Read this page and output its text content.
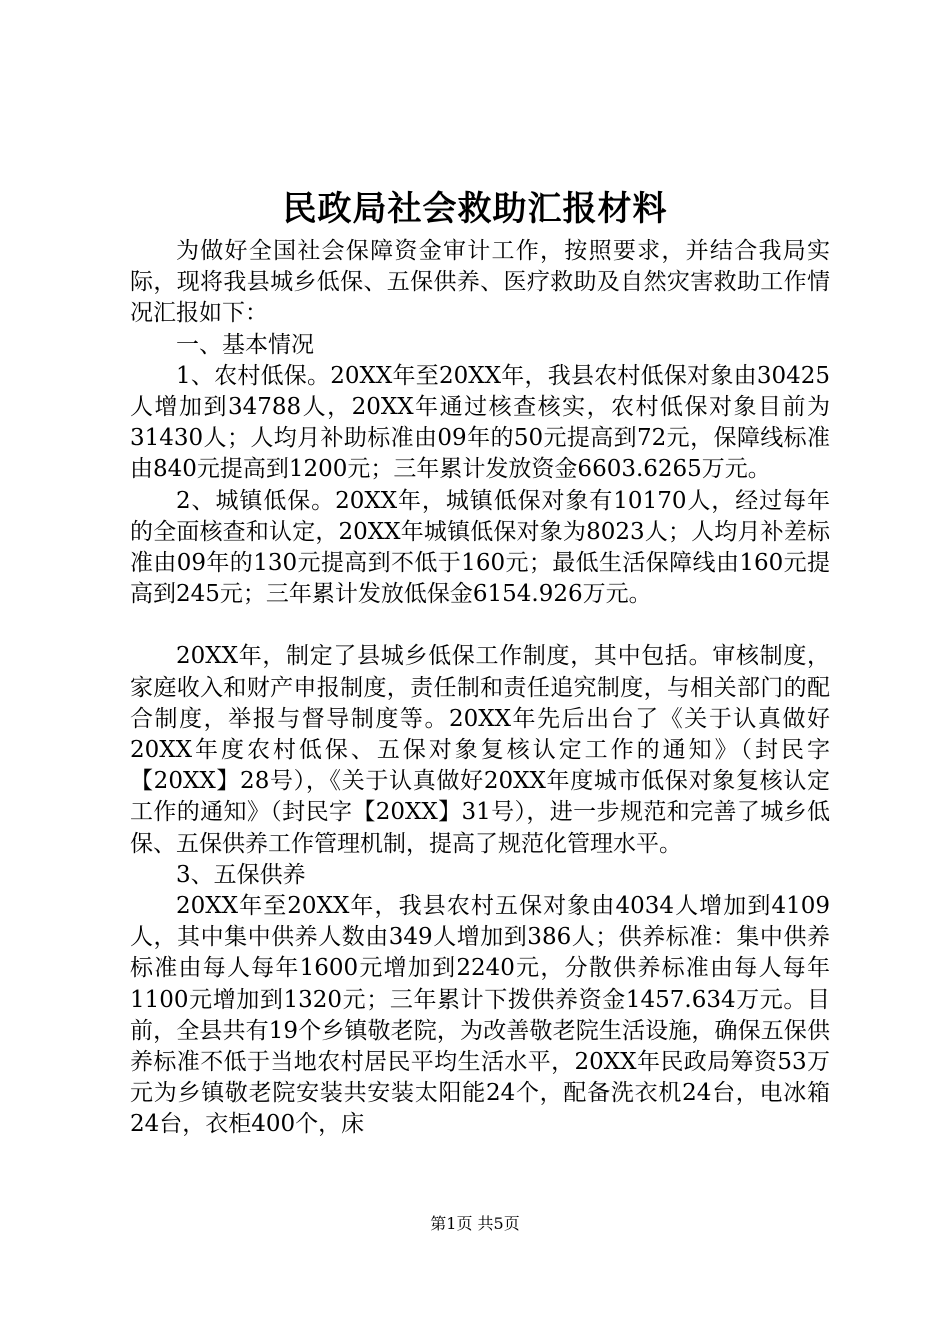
民政局社会救助汇报材料

为做好全国社会保障资金审计工作，按照要求，并结合我局实际，现将我县城乡低保、五保供养、医疗救助及自然灾害救助工作情况汇报如下：

一、基本情况

1、农村低保。20XX年至20XX年，我县农村低保对象由30425人增加到34788人，20XX年通过核查核实，农村低保对象目前为31430人；人均月补助标准由09年的50元提高到72元，保障线标准由840元提高到1200元；三年累计发放资金6603.6265万元。

2、城镇低保。20XX年，城镇低保对象有10170人，经过每年的全面核查和认定，20XX年城镇低保对象为8023人；人均月补差标准由09年的130元提高到不低于160元；最低生活保障线由160元提高到245元；三年累计发放低保金6154.926万元。

20XX年，制定了县城乡低保工作制度，其中包括。审核制度，家庭收入和财产申报制度，责任制和责任追究制度，与相关部门的配合制度，举报与督导制度等。20XX年先后出台了《关于认真做好20XX年度农村低保、五保对象复核认定工作的通知》（封民字【20XX】28号），《关于认真做好20XX年度城市低保对象复核认定工作的通知》（封民字【20XX】31号），进一步规范和完善了城乡低保、五保供养工作管理机制，提高了规范化管理水平。

3、五保供养

20XX年至20XX年，我县农村五保对象由4034人增加到4109人，其中集中供养人数由349人增加到386人；供养标准：集中供养标准由每人每年1600元增加到2240元，分散供养标准由每人每年1100元增加到1320元；三年累计下拨供养资金1457.634万元。目前，全县共有19个乡镇敬老院，为改善敬老院生活设施，确保五保供养标准不低于当地农村居民平均生活水平，20XX年民政局筹资53万元为乡镇敬老院安装共安装太阳能24个，配备洗衣机24台，电冰箱24台，衣柜400个，床

第1页 共5页
